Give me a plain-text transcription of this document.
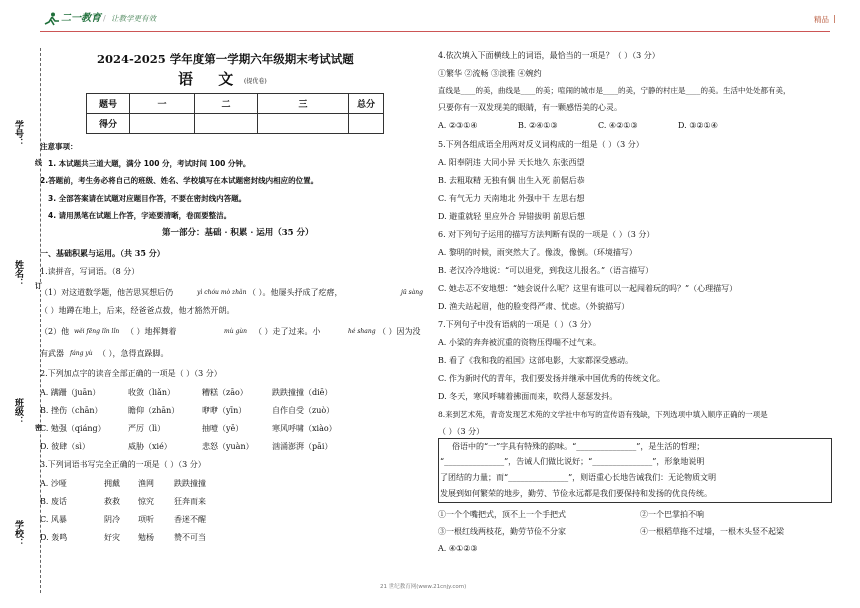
二一教育 / 让教学更有效	精品 |
学号：
姓名：
班级：
学校：
线
订
密
2024-2025 学年度第一学期六年级期末考试试题
语 文 (提优卷)
题号	一	二	三	总分
得分				
注意事项：
1. 本试题共三道大题，满分 100 分，考试时间 100 分钟。
2.答题前，考生务必将自己的班级、姓名、学校填写在本试题密封线内相应的位置。
3. 全部答案请在试题对应题目作答，不要在密封线内答题。
4. 请用黑笔在试题上作答，字迹要清晰，卷面要整洁。
第一部分：基础 · 积累 · 运用（35 分）
一、基础积累与运用。（共 35 分）
1.读拼音，写词语。（8 分）
（1）对这道数学题，他苦思冥想后仍	yì chóu mò zhǎn （ ）。他屡头抒成了疙瘩，	jū sàng
（ ）地蹲在地上，后来，经爸爸点拨，他才豁然开朗。
（2）他 wěi fēng lǐn lǐn （ ）地挥舞着	mù gùn （ ）走了过来。小	hé shang （ ）因为没
有武器 fáng yù （ ），急得直跺脚。
2.下列加点字的读音全部正确的一项是（ ）（3 分）
A. 蹒跚（juān）	收敛（liǎn）	糟糕（zāo）	跌跌撞撞（diē）
B. 挫伤（chān）	瞻仰（zhān）	咿咿（yīn）	自作自受（zuò）
C. 勉强（qiáng）	严厉（lì）	抽噎（yē）	寒风呼啸（xiào）
D. 彼肆（sì）	威胁（xié）	悲怒（yuàn） 汹涌澎湃（pāi）
3.下列词语书写完全正确的一项是（ ）（3 分）
A. 沙哑	拥戴 渔网	跌跌撞撞
B. 废话	救救 惊究	狂奔而来
C. 风暴	阴冷 项听	香迷不醒
D. 轰鸣	好灾 勉杨	赞不可当
4.依次填入下面横线上的词语，最恰当的一项是？（ ）（3 分）
①繁华 ②流畅 ③淡雅 ④婉约
直线是____的美，曲线是____的美；喧闹的城市是____的美，宁静的村庄是____的美。生活中处处都有美，
只要你有一双发现美的眼睛，有一颗感悟美的心灵。
A. ②③①④	B. ②④①③	C. ④②①③	D. ③②①④
5.下列各组成语全用两对反义词构成的一组是（ ）（3 分）
A. 阳奉阴违 大同小异 天长地久 东张西望
B. 去粗取精 无独有偶 出生入死 前倨后恭
C. 有气无力 天南地北 外强中干 左思右想
D. 避重就轻 里应外合 异错拔明 前思后想
6. 对下列句子运用的描写方法判断有误的一项是（ ）（3 分）
A. 黎明的时候，雨突然大了。像泼，像倒。（环境描写）
B. 老汉冷冷地说：“可以退党，到我这儿报名。”（语言描写）
C. 她忐忑不安地想：“她会说什么呢？这里有谁可以一起闯着玩的吗？”（心理描写）
D. 渔夫站起眉，他的脸变得严肃、忧虑。（外貌描写）
7.下列句子中没有语病的一项是（ ）（3 分）
A. 小梁的奔奔被沉重的资物压得喘不过气来。
B. 看了《我和我的祖国》这部电影，大家都深受感动。
C. 作为新时代的青年，我们要发扬并继承中国优秀的传统文化。
D. 冬天，寒风呼啸着拂面而来，吹得人瑟瑟发抖。
8.来到艺术苑，青奇发现艺术苑的文学社中布写的宣传语有残缺，下列选项中填入顺序正确的一项是
（ ）（3 分）
俗语中的“一”字具有特殊的韵味。“_______________”，是生活的哲理；
“_______________”，告诫人们做比说好；“_______________”，形象地说明
了团结的力量；而“_______________”，则语重心长地告诫我们：无论物质文明
发展到如何繁荣的地步，勤劳、节俭永远都是我们要保持和发扬的优良传统。
①一个个嘴把式，顶不上一个手把式	②一个巴掌拍不响
③一根红线两枝花，勤劳节俭不分家	④一根稻草拖不过墙，一根木头竖不起梁
A. ④①②③
21 世纪教育网(www.21cnjy.com)
